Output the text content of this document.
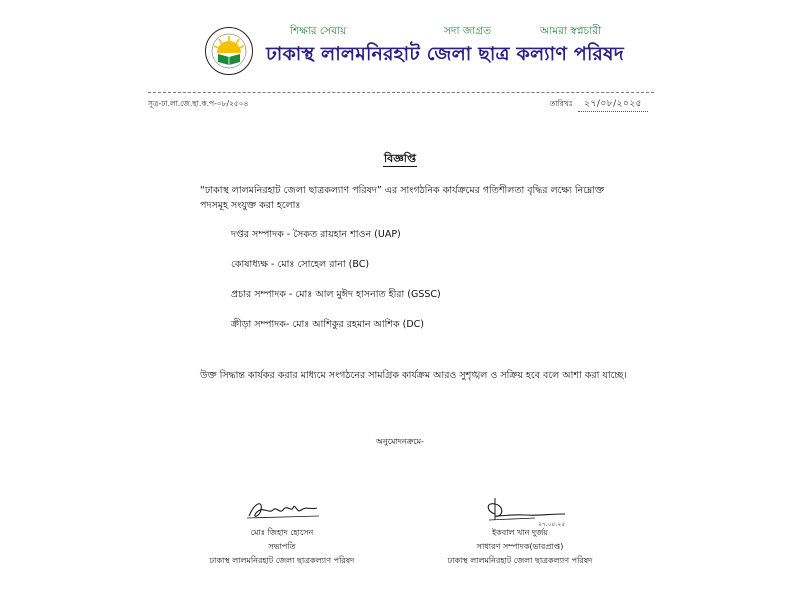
শিক্ষার সেবায়	সদা জাগ্রত	আমরা স্বপ্নচারী
ঢাকাস্থ লালমনিরহাট জেলা ছাত্র কল্যাণ পরিষদ
সূত্র-ঢা.লা.জে.ছা.ক.প-০৮/২৫০৪	তারিখঃ ২৭/০৮/২০২৫
বিজ্ঞপ্তি
“ঢাকাস্থ লালমনিরহাট জেলা ছাত্রকল্যাণ পরিষদ” এর সাংগঠনিক কার্যক্রমের গতিশীলতা বৃদ্ধির লক্ষ্যে নিম্নোক্ত পদসমূহ সংযুক্ত করা হলোঃ
দপ্তর সম্পাদক - সৈকত রায়হান শাওন (UAP)
কোষাধ্যক্ষ - মোঃ সোহেল রানা (BC)
প্রচার সম্পাদক - মোঃ আল মুঈদ হাসনাত হীরা (GSSC)
ক্রীড়া সম্পাদক- মোঃ আশিকুর রহমান আশিক (DC)
উক্ত সিদ্ধান্ত কার্যকর করার মাধ্যমে সংগঠনের সামগ্রিক কার্যক্রম আরও সুশৃঙ্খল ও সক্রিয় হবে বলে আশা করা যাচ্ছে।
অনুমোদনক্রমে-
মোঃ জিহাদ হোসেন
সভাপতি
ঢাকাস্থ লালমনিরহাট জেলা ছাত্রকল্যাণ পরিষদ
২৭.০৮.২৫
ইকবাল খান দুর্জয়
সাধারণ সম্পাদক(ভারপ্রাপ্ত)
ঢাকাস্থ লালমনিরহাট জেলা ছাত্রকল্যাণ পরিষদ
